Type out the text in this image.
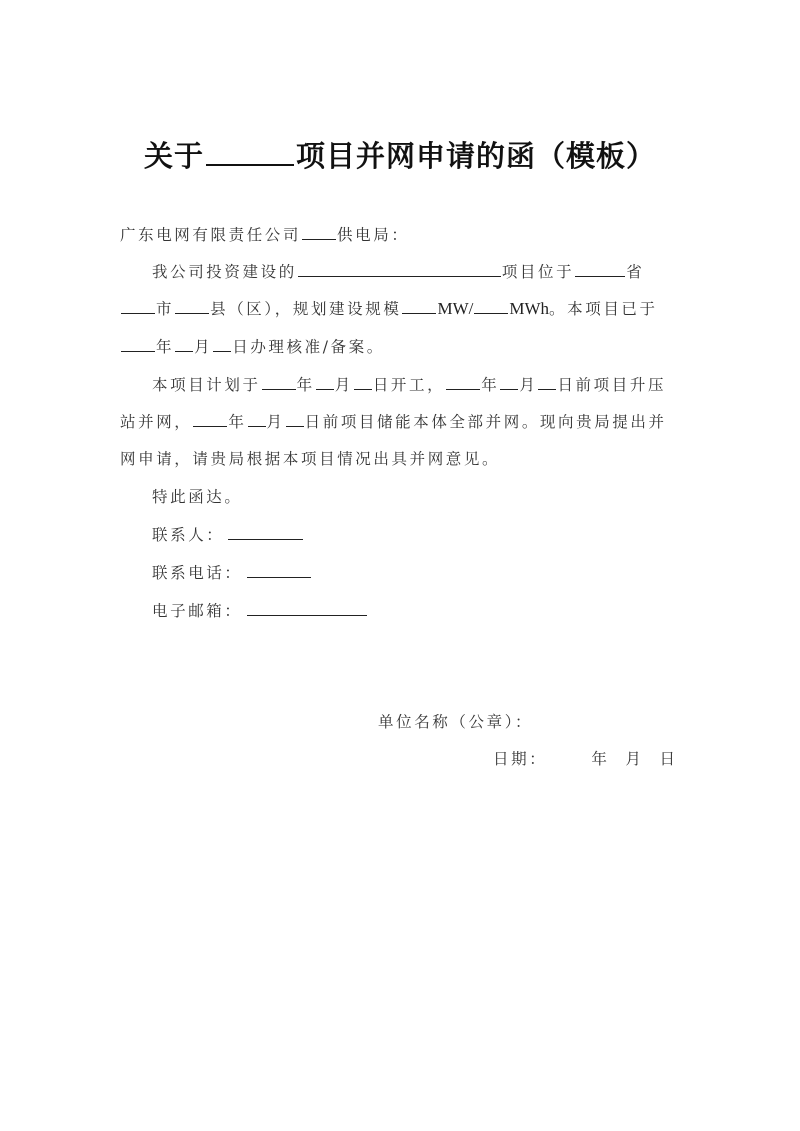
关于	项目并网申请的函（模板）
广东电网有限责任公司 供电局：
我公司投资建设的	项目位于	省
市 县（区），规划建设规模 MW/ MWh。本项目已于
年 月 日办理核准/备案。
本项目计划于 年 月 日开工， 年 月 日前项目升压
站并网， 年 月 日前项目储能本体全部并网。现向贵局提出并
网申请，请贵局根据本项目情况出具并网意见。
特此函达。
联系人：
联系电话：
电子邮箱：
单位名称（公章）：
日期：	年 月 日
